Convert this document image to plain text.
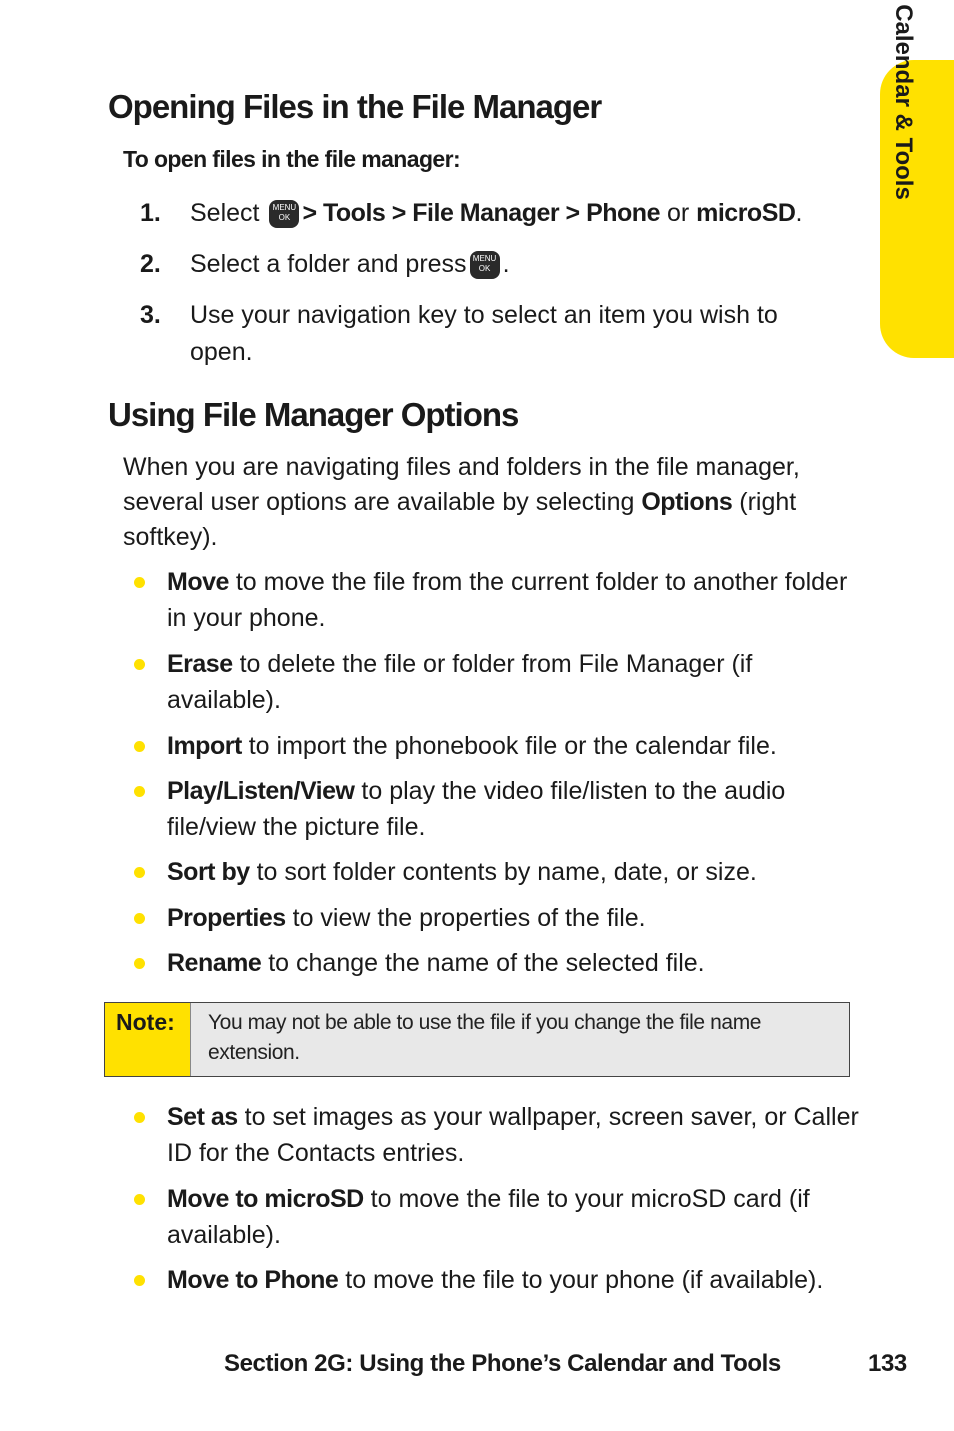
Calendar & Tools
Opening Files in the File Manager
To open files in the file manager:
1. Select MENU
OK > Tools > File Manager > Phone or microSD.
2. Select a folder and press MENU
OK .
3. Use your navigation key to select an item you wish to open.
Using File Manager Options
When you are navigating files and folders in the file manager, several user options are available by selecting Options (right softkey).
Move to move the file from the current folder to another folder in your phone.
Erase to delete the file or folder from File Manager (if available).
Import to import the phonebook file or the calendar file.
Play/Listen/View to play the video file/listen to the audio file/view the picture file.
Sort by to sort folder contents by name, date, or size.
Properties to view the properties of the file.
Rename to change the name of the selected file.
Note:	You may not be able to use the file if you change the file name extension.
Set as to set images as your wallpaper, screen saver, or Caller ID for the Contacts entries.
Move to microSD to move the file to your microSD card (if available).
Move to Phone to move the file to your phone (if available).
Section 2G: Using the Phone’s Calendar and Tools	133
